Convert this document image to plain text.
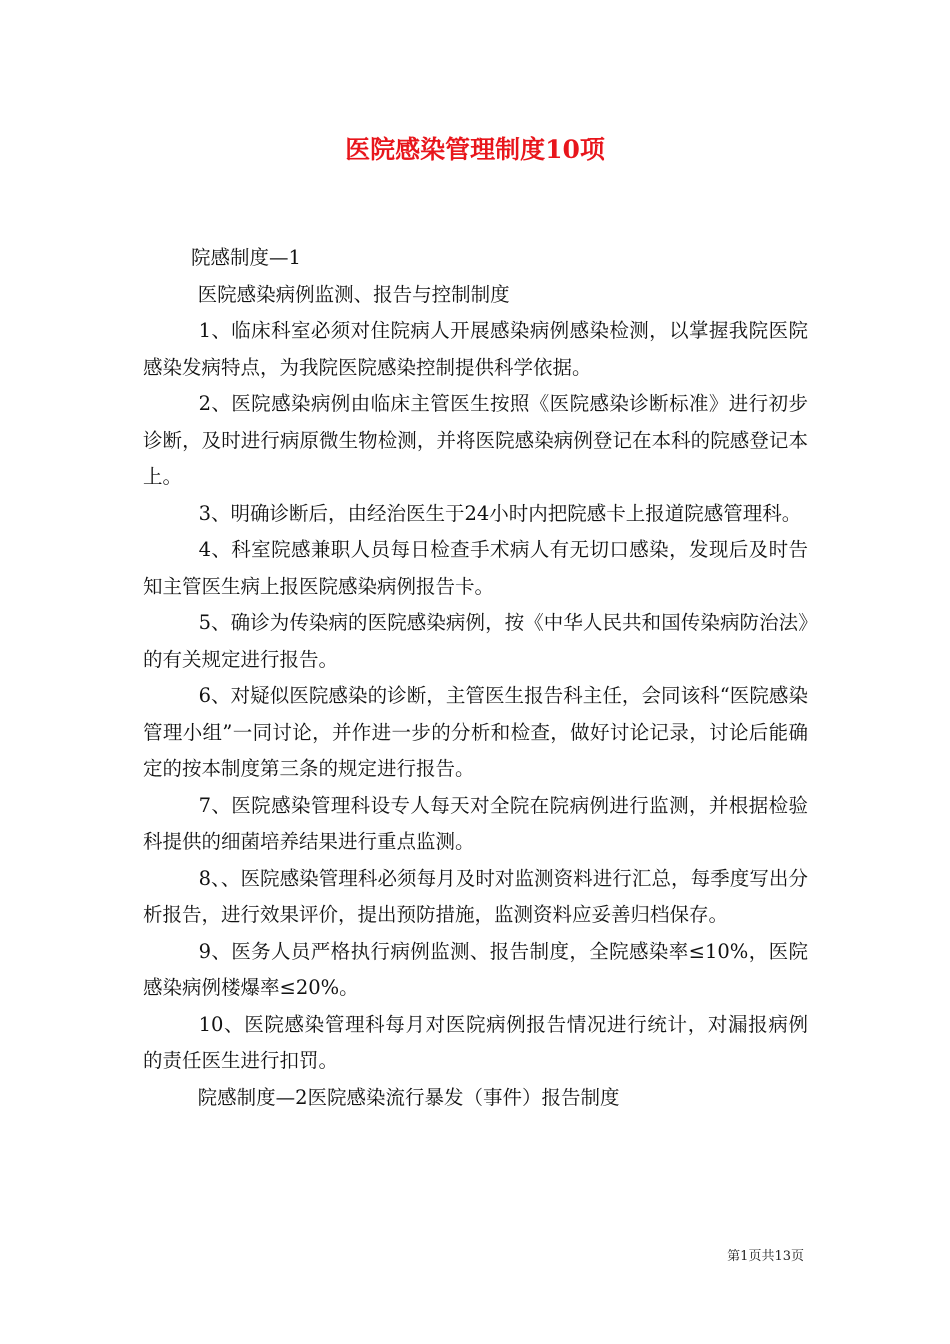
医院感染管理制度10项

院感制度—1

医院感染病例监测、报告与控制制度

1、临床科室必须对住院病人开展感染病例感染检测，以掌握我院医院感染发病特点，为我院医院感染控制提供科学依据。

2、医院感染病例由临床主管医生按照《医院感染诊断标准》进行初步诊断，及时进行病原微生物检测，并将医院感染病例登记在本科的院感登记本上。

3、明确诊断后，由经治医生于24小时内把院感卡上报道院感管理科。

4、科室院感兼职人员每日检查手术病人有无切口感染，发现后及时告知主管医生病上报医院感染病例报告卡。

5、确诊为传染病的医院感染病例，按《中华人民共和国传染病防治法》的有关规定进行报告。

6、对疑似医院感染的诊断，主管医生报告科主任，会同该科“医院感染管理小组”一同讨论，并作进一步的分析和检查，做好讨论记录，讨论后能确定的按本制度第三条的规定进行报告。

7、医院感染管理科设专人每天对全院在院病例进行监测，并根据检验科提供的细菌培养结果进行重点监测。

8、、医院感染管理科必须每月及时对监测资料进行汇总，每季度写出分析报告，进行效果评价，提出预防措施，监测资料应妥善归档保存。

9、医务人员严格执行病例监测、报告制度，全院感染率≤10%，医院感染病例楼爆率≤20%。

10、医院感染管理科每月对医院病例报告情况进行统计，对漏报病例的责任医生进行扣罚。

院感制度—2医院感染流行暴发（事件）报告制度

第1页共13页
